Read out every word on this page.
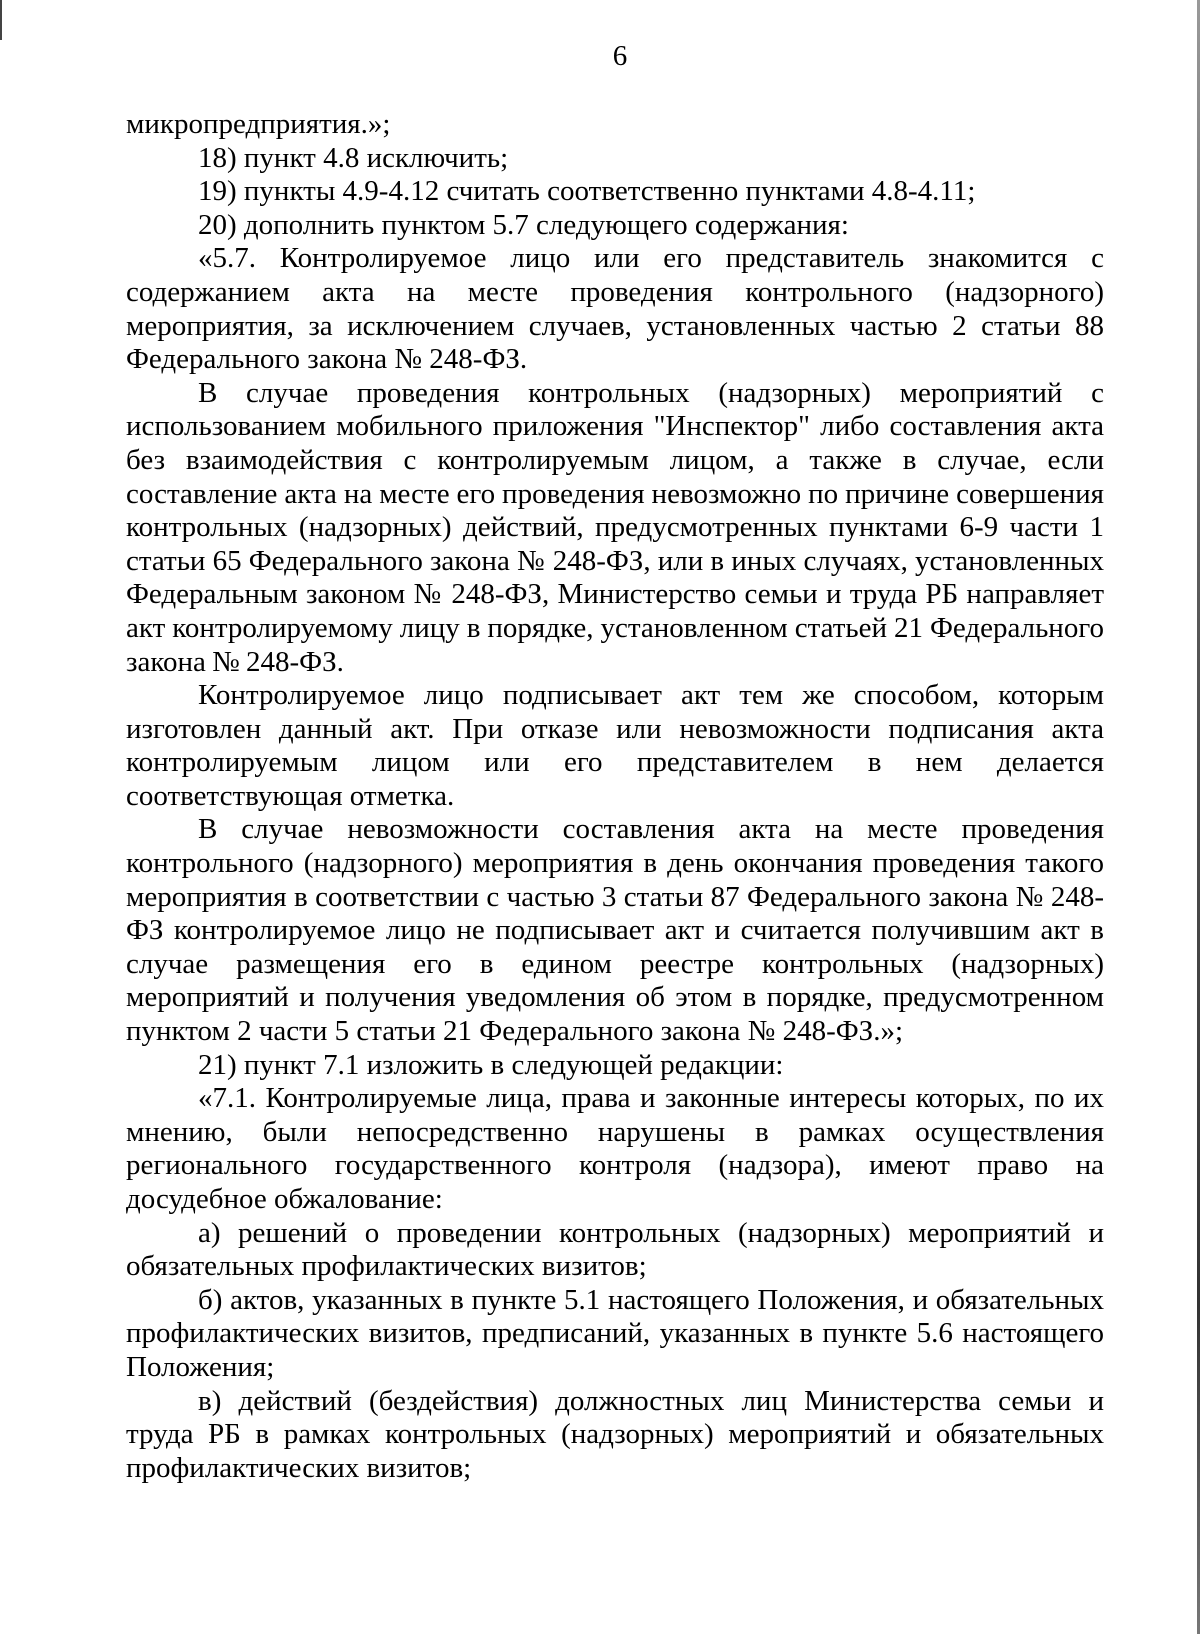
6

микропредприятия.»;

18) пункт 4.8 исключить;

19) пункты 4.9-4.12 считать соответственно пунктами 4.8-4.11;

20) дополнить пунктом 5.7 следующего содержания:

«5.7. Контролируемое лицо или его представитель знакомится с содержанием акта на месте проведения контрольного (надзорного) мероприятия, за исключением случаев, установленных частью 2 статьи 88 Федерального закона № 248-ФЗ.

В случае проведения контрольных (надзорных) мероприятий с использованием мобильного приложения "Инспектор" либо составления акта без взаимодействия с контролируемым лицом, а также в случае, если составление акта на месте его проведения невозможно по причине совершения контрольных (надзорных) действий, предусмотренных пунктами 6-9 части 1 статьи 65 Федерального закона № 248-ФЗ, или в иных случаях, установленных Федеральным законом № 248-ФЗ, Министерство семьи и труда РБ направляет акт контролируемому лицу в порядке, установленном статьей 21 Федерального закона № 248-ФЗ.

Контролируемое лицо подписывает акт тем же способом, которым изготовлен данный акт. При отказе или невозможности подписания акта контролируемым лицом или его представителем в нем делается соответствующая отметка.

В случае невозможности составления акта на месте проведения контрольного (надзорного) мероприятия в день окончания проведения такого мероприятия в соответствии с частью 3 статьи 87 Федерального закона № 248-ФЗ контролируемое лицо не подписывает акт и считается получившим акт в случае размещения его в едином реестре контрольных (надзорных) мероприятий и получения уведомления об этом в порядке, предусмотренном пунктом 2 части 5 статьи 21 Федерального закона № 248-ФЗ.»;

21) пункт 7.1 изложить в следующей редакции:

«7.1. Контролируемые лица, права и законные интересы которых, по их мнению, были непосредственно нарушены в рамках осуществления регионального государственного контроля (надзора), имеют право на досудебное обжалование:

а) решений о проведении контрольных (надзорных) мероприятий и обязательных профилактических визитов;

б) актов, указанных в пункте 5.1 настоящего Положения, и обязательных профилактических визитов, предписаний, указанных в пункте 5.6 настоящего Положения;

в) действий (бездействия) должностных лиц Министерства семьи и труда РБ в рамках контрольных (надзорных) мероприятий и обязательных профилактических визитов;
